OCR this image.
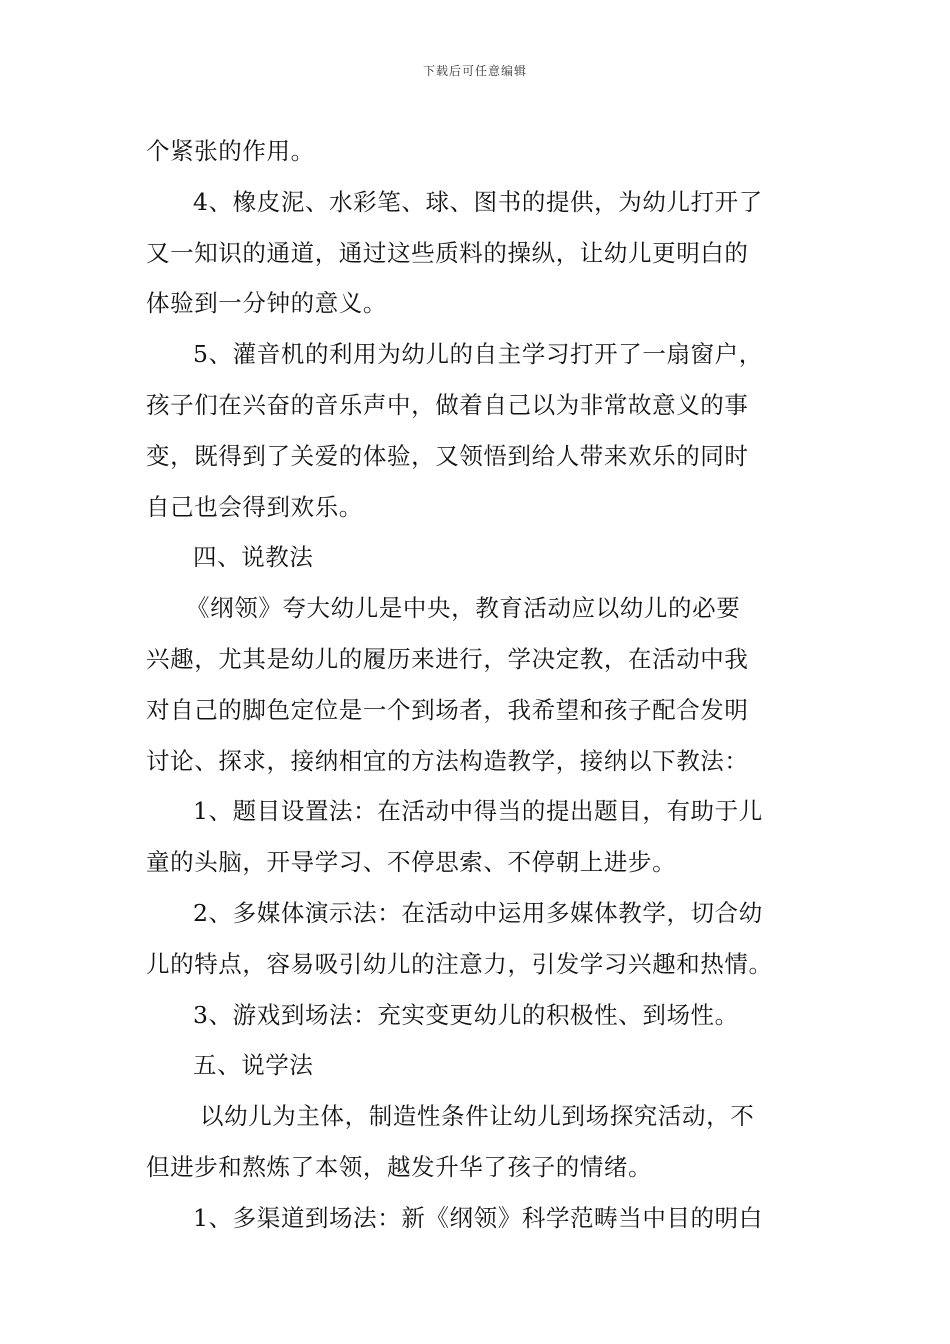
下载后可任意编辑
个紧张的作用。
4、橡皮泥、水彩笔、球、图书的提供，为幼儿打开了
又一知识的通道，通过这些质料的操纵，让幼儿更明白的
体验到一分钟的意义。
5、灌音机的利用为幼儿的自主学习打开了一扇窗户，
孩子们在兴奋的音乐声中，做着自己以为非常故意义的事
变，既得到了关爱的体验，又领悟到给人带来欢乐的同时
自己也会得到欢乐。
四、说教法
《纲领》夸大幼儿是中央，教育活动应以幼儿的必要
兴趣，尤其是幼儿的履历来进行，学决定教，在活动中我
对自己的脚色定位是一个到场者，我希望和孩子配合发明
讨论、探求，接纳相宜的方法构造教学，接纳以下教法：
1、题目设置法：在活动中得当的提出题目，有助于儿
童的头脑，开导学习、不停思索、不停朝上进步。
2、多媒体演示法：在活动中运用多媒体教学，切合幼
儿的特点，容易吸引幼儿的注意力，引发学习兴趣和热情。
3、游戏到场法：充实变更幼儿的积极性、到场性。
五、说学法
以幼儿为主体，制造性条件让幼儿到场探究活动，不
但进步和熬炼了本领，越发升华了孩子的情绪。
1、多渠道到场法：新《纲领》科学范畴当中目的明白
